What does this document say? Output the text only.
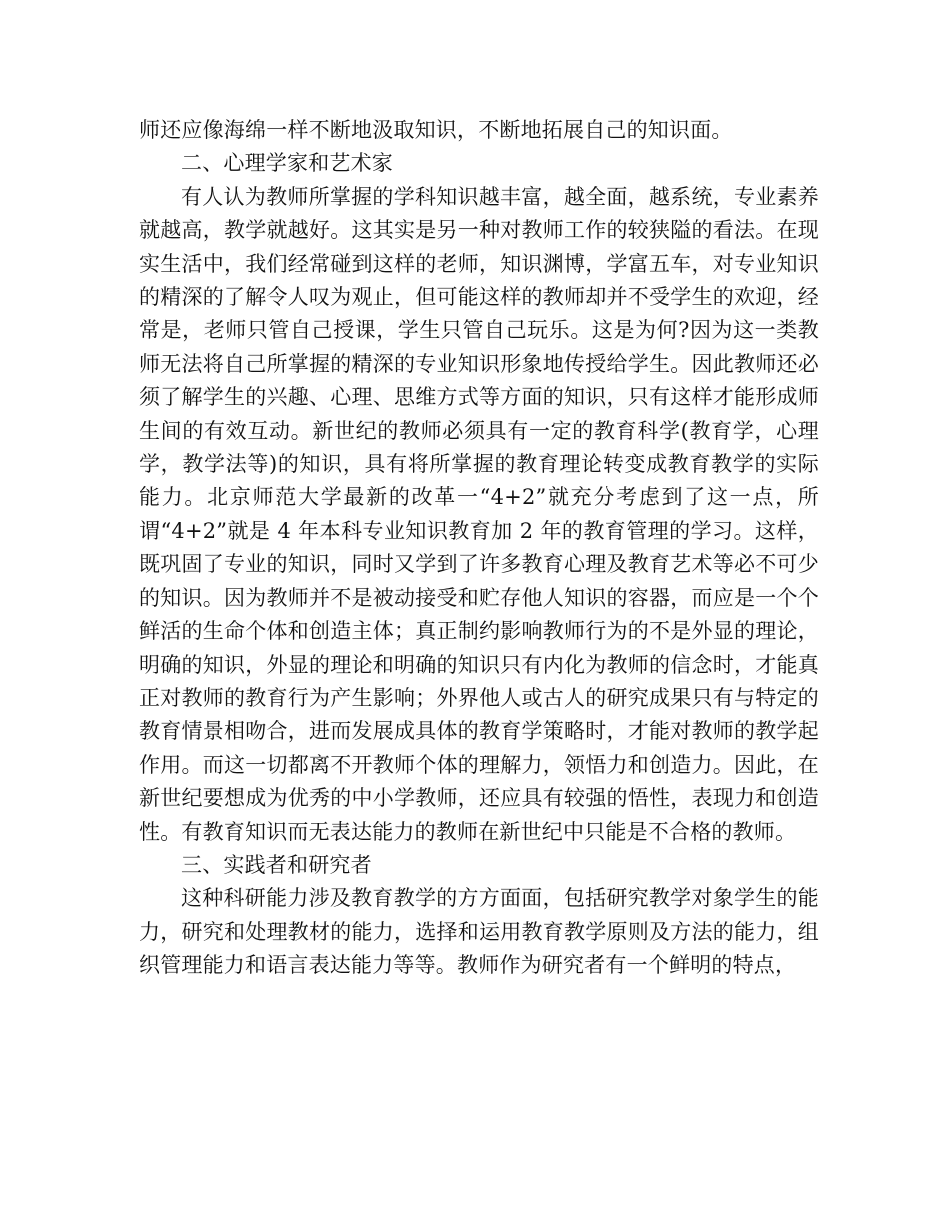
师还应像海绵一样不断地汲取知识，不断地拓展自己的知识面。

二、心理学家和艺术家

有人认为教师所掌握的学科知识越丰富，越全面，越系统，专业素养就越高，教学就越好。这其实是另一种对教师工作的较狭隘的看法。在现实生活中，我们经常碰到这样的老师，知识渊博，学富五车，对专业知识的精深的了解令人叹为观止，但可能这样的教师却并不受学生的欢迎，经常是，老师只管自己授课，学生只管自己玩乐。这是为何?因为这一类教师无法将自己所掌握的精深的专业知识形象地传授给学生。因此教师还必须了解学生的兴趣、心理、思维方式等方面的知识，只有这样才能形成师生间的有效互动。新世纪的教师必须具有一定的教育科学(教育学，心理学，教学法等)的知识，具有将所掌握的教育理论转变成教育教学的实际能力。北京师范大学最新的改革一“4+2”就充分考虑到了这一点，所谓“4+2”就是 4 年本科专业知识教育加 2 年的教育管理的学习。这样，既巩固了专业的知识，同时又学到了许多教育心理及教育艺术等必不可少的知识。因为教师并不是被动接受和贮存他人知识的容器，而应是一个个鲜活的生命个体和创造主体；真正制约影响教师行为的不是外显的理论，明确的知识，外显的理论和明确的知识只有内化为教师的信念时，才能真正对教师的教育行为产生影响；外界他人或古人的研究成果只有与特定的教育情景相吻合，进而发展成具体的教育学策略时，才能对教师的教学起作用。而这一切都离不开教师个体的理解力，领悟力和创造力。因此，在新世纪要想成为优秀的中小学教师，还应具有较强的悟性，表现力和创造性。有教育知识而无表达能力的教师在新世纪中只能是不合格的教师。

三、实践者和研究者

这种科研能力涉及教育教学的方方面面，包括研究教学对象学生的能力，研究和处理教材的能力，选择和运用教育教学原则及方法的能力，组织管理能力和语言表达能力等等。教师作为研究者有一个鲜明的特点，
